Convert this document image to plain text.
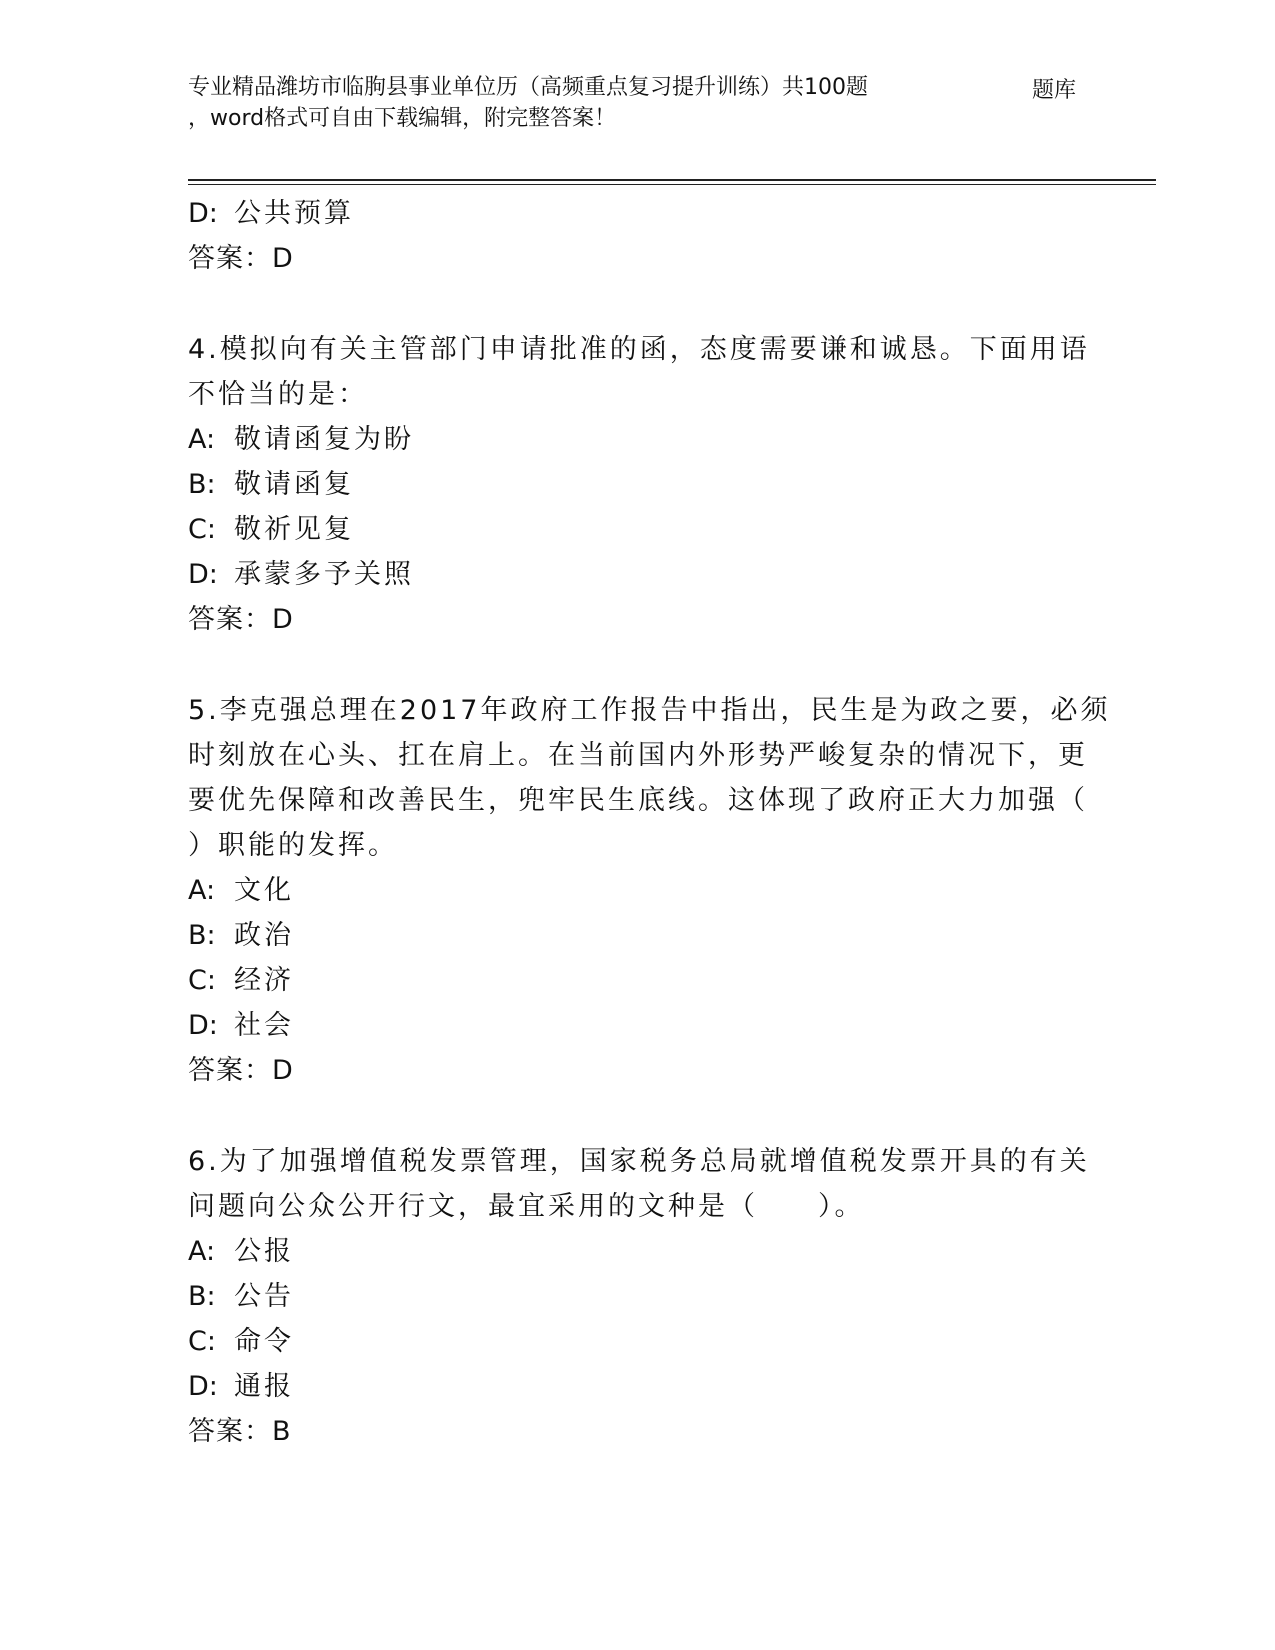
专业精品潍坊市临朐县事业单位历（高频重点复习提升训练）共100题	题库
，word格式可自由下载编辑，附完整答案！
D: 公共预算
答案：D
4.模拟向有关主管部门申请批准的函，态度需要谦和诚恳。下面用语
不恰当的是：
A: 敬请函复为盼
B: 敬请函复
C: 敬祈见复
D: 承蒙多予关照
答案：D
5.李克强总理在2017年政府工作报告中指出，民生是为政之要，必须
时刻放在心头、扛在肩上。在当前国内外形势严峻复杂的情况下，更
要优先保障和改善民生，兜牢民生底线。这体现了政府正大力加强（
）职能的发挥。
A: 文化
B: 政治
C: 经济
D: 社会
答案：D
6.为了加强增值税发票管理，国家税务总局就增值税发票开具的有关
问题向公众公开行文，最宜采用的文种是（　　）。
A: 公报
B: 公告
C: 命令
D: 通报
答案：B
